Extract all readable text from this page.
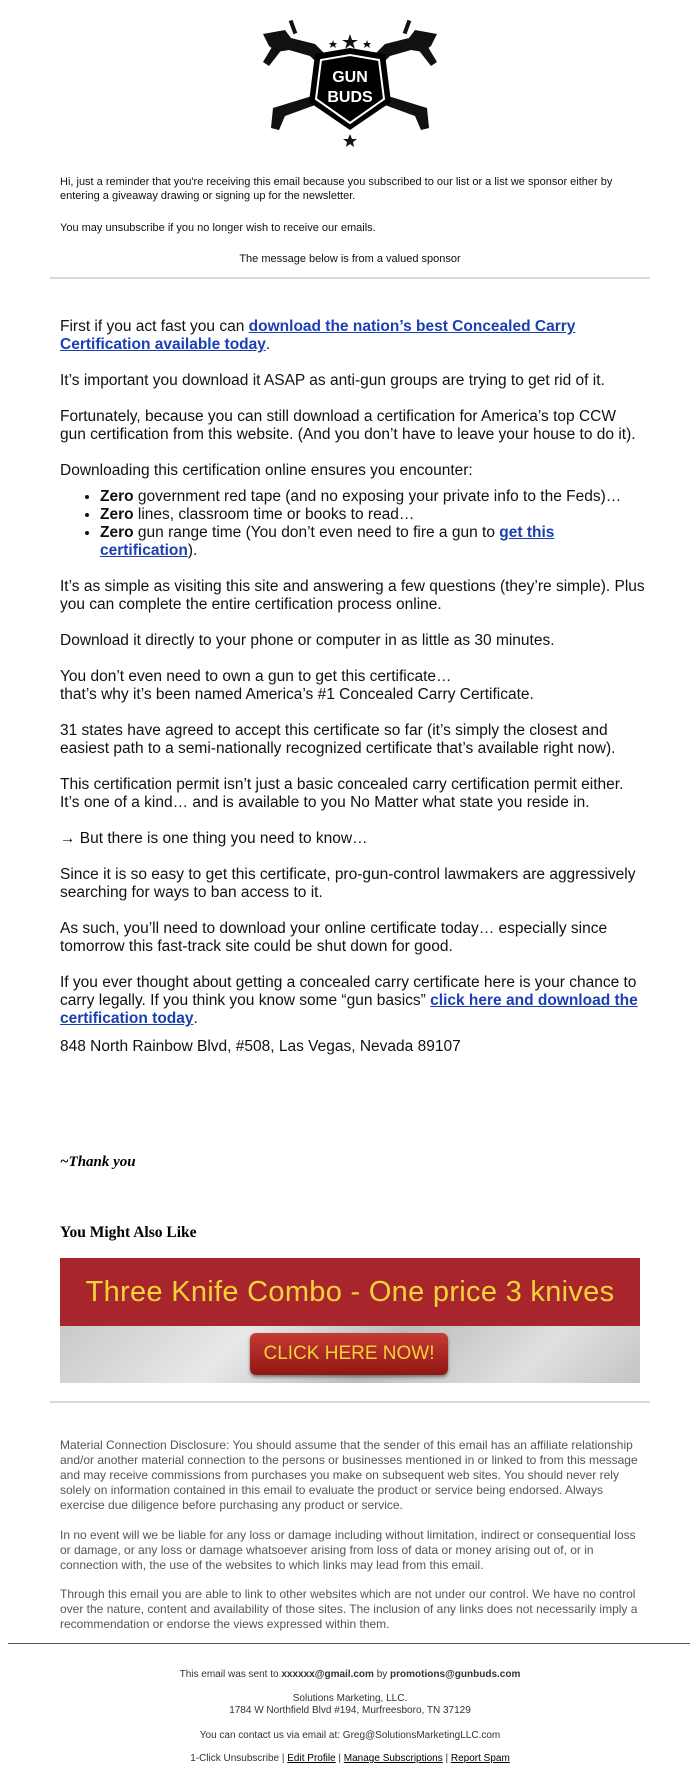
GUN
BUDS
Hi, just a reminder that you're receiving this email because you subscribed to our list or a list we sponsor either by entering a giveaway drawing or signing up for the newsletter.
You may unsubscribe if you no longer wish to receive our emails.
The message below is from a valued sponsor

First if you act fast you can download the nation’s best Concealed Carry Certification available today.

It’s important you download it ASAP as anti-gun groups are trying to get rid of it.

Fortunately, because you can still download a certification for America’s top CCW gun certification from this website. (And you don’t have to leave your house to do it).

Downloading this certification online ensures you encounter:

• Zero government red tape (and no exposing your private info to the Feds)…
• Zero lines, classroom time or books to read…
• Zero gun range time (You don’t even need to fire a gun to get this certification).

It’s as simple as visiting this site and answering a few questions (they’re simple). Plus you can complete the entire certification process online.

Download it directly to your phone or computer in as little as 30 minutes.

You don’t even need to own a gun to get this certificate…
that’s why it’s been named America’s #1 Concealed Carry Certificate.

31 states have agreed to accept this certificate so far (it’s simply the closest and easiest path to a semi-nationally recognized certificate that’s available right now).

This certification permit isn’t just a basic concealed carry certification permit either. It’s one of a kind… and is available to you No Matter what state you reside in.

→ But there is one thing you need to know…

Since it is so easy to get this certificate, pro-gun-control lawmakers are aggressively searching for ways to ban access to it.

As such, you’ll need to download your online certificate today… especially since tomorrow this fast-track site could be shut down for good.

If you ever thought about getting a concealed carry certificate here is your chance to carry legally. If you think you know some “gun basics” click here and download the certification today.

848 North Rainbow Blvd, #508, Las Vegas, Nevada 89107

~Thank you
You Might Also Like
Three Knife Combo - One price 3 knives
CLICK HERE NOW!
Material Connection Disclosure: You should assume that the sender of this email has an affiliate relationship and/or another material connection to the persons or businesses mentioned in or linked to from this message and may receive commissions from purchases you make on subsequent web sites. You should never rely solely on information contained in this email to evaluate the product or service being endorsed. Always exercise due diligence before purchasing any product or service.
In no event will we be liable for any loss or damage including without limitation, indirect or consequential loss or damage, or any loss or damage whatsoever arising from loss of data or money arising out of, or in connection with, the use of the websites to which links may lead from this email.
Through this email you are able to link to other websites which are not under our control. We have no control over the nature, content and availability of those sites. The inclusion of any links does not necessarily imply a recommendation or endorse the views expressed within them.
This email was sent to xxxxxx@gmail.com by promotions@gunbuds.com
Solutions Marketing, LLC.
1784 W Northfield Blvd #194, Murfreesboro, TN 37129
You can contact us via email at: Greg@SolutionsMarketingLLC.com
1-Click Unsubscribe | Edit Profile | Manage Subscriptions | Report Spam
